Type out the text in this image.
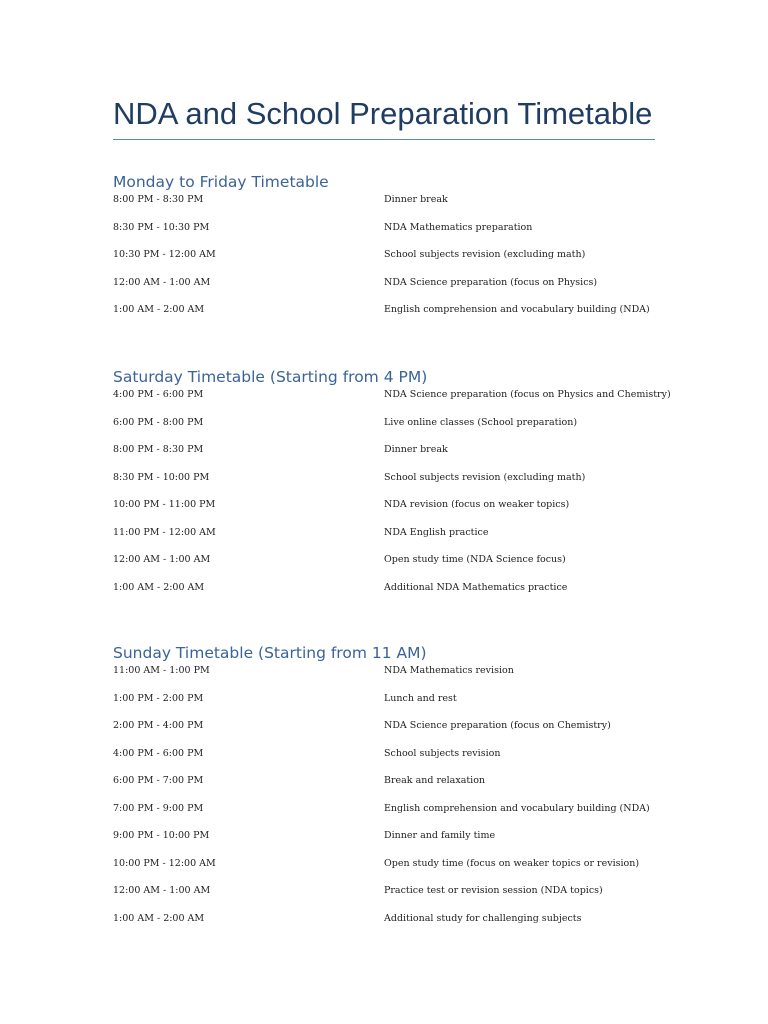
NDA and School Preparation Timetable
Monday to Friday Timetable
8:00 PM - 8:30 PM	Dinner break
8:30 PM - 10:30 PM	NDA Mathematics preparation
10:30 PM - 12:00 AM	School subjects revision (excluding math)
12:00 AM - 1:00 AM	NDA Science preparation (focus on Physics)
1:00 AM - 2:00 AM	English comprehension and vocabulary building (NDA)
Saturday Timetable (Starting from 4 PM)
4:00 PM - 6:00 PM	NDA Science preparation (focus on Physics and Chemistry)
6:00 PM - 8:00 PM	Live online classes (School preparation)
8:00 PM - 8:30 PM	Dinner break
8:30 PM - 10:00 PM	School subjects revision (excluding math)
10:00 PM - 11:00 PM	NDA revision (focus on weaker topics)
11:00 PM - 12:00 AM	NDA English practice
12:00 AM - 1:00 AM	Open study time (NDA Science focus)
1:00 AM - 2:00 AM	Additional NDA Mathematics practice
Sunday Timetable (Starting from 11 AM)
11:00 AM - 1:00 PM	NDA Mathematics revision
1:00 PM - 2:00 PM	Lunch and rest
2:00 PM - 4:00 PM	NDA Science preparation (focus on Chemistry)
4:00 PM - 6:00 PM	School subjects revision
6:00 PM - 7:00 PM	Break and relaxation
7:00 PM - 9:00 PM	English comprehension and vocabulary building (NDA)
9:00 PM - 10:00 PM	Dinner and family time
10:00 PM - 12:00 AM	Open study time (focus on weaker topics or revision)
12:00 AM - 1:00 AM	Practice test or revision session (NDA topics)
1:00 AM - 2:00 AM	Additional study for challenging subjects
